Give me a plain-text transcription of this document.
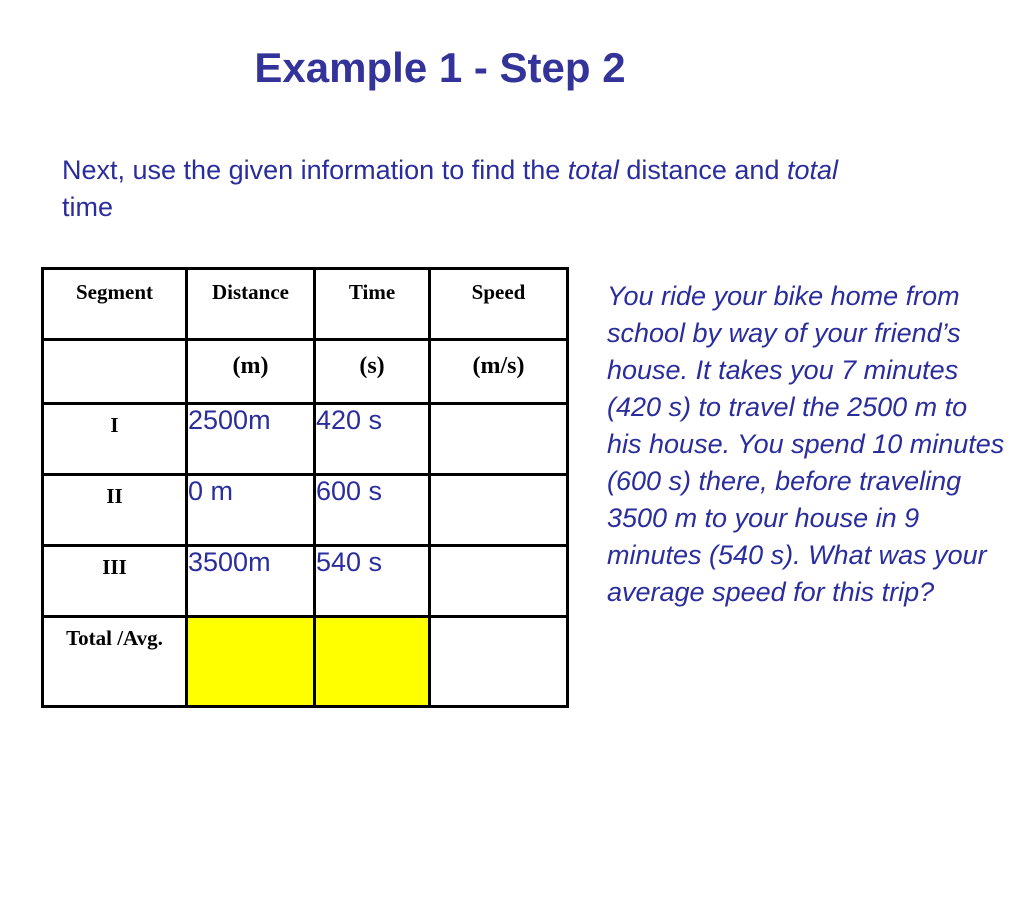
Example 1 - Step 2
Next, use the given information to find the total distance and total time
Segment	Distance	Time	Speed
	(m)	(s)	(m/s)
I	2500m	420 s	
II	0 m	600 s	
III	3500m	540 s	
Total /Avg.			
You ride your bike home from school by way of your friend’s house. It takes you 7 minutes (420 s) to travel the 2500 m to his house. You spend 10 minutes (600 s) there, before traveling 3500 m to your house in 9 minutes (540 s). What was your average speed for this trip?
